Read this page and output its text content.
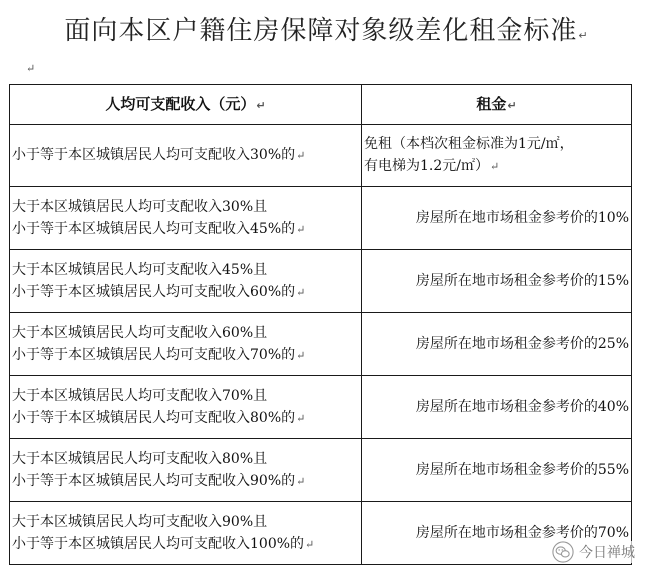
面向本区户籍住房保障对象级差化租金标准↵
↵
人均可支配收入（元）↵	租金↵

小于等于本区城镇居民人均可支配收入30%的↵	免租（本档次租金标准为1元/㎡，
有电梯为1.2元/㎡）↵

大于本区城镇居民人均可支配收入30%且
小于等于本区城镇居民人均可支配收入45%的↵	房屋所在地市场租金参考价的10%

大于本区城镇居民人均可支配收入45%且
小于等于本区城镇居民人均可支配收入60%的↵	房屋所在地市场租金参考价的15%

大于本区城镇居民人均可支配收入60%且
小于等于本区城镇居民人均可支配收入70%的↵	房屋所在地市场租金参考价的25%

大于本区城镇居民人均可支配收入70%且
小于等于本区城镇居民人均可支配收入80%的↵	房屋所在地市场租金参考价的40%

大于本区城镇居民人均可支配收入80%且
小于等于本区城镇居民人均可支配收入90%的↵	房屋所在地市场租金参考价的55%

大于本区城镇居民人均可支配收入90%且
小于等于本区城镇居民人均可支配收入100%的↵	房屋所在地市场租金参考价的70%
今日禅城
